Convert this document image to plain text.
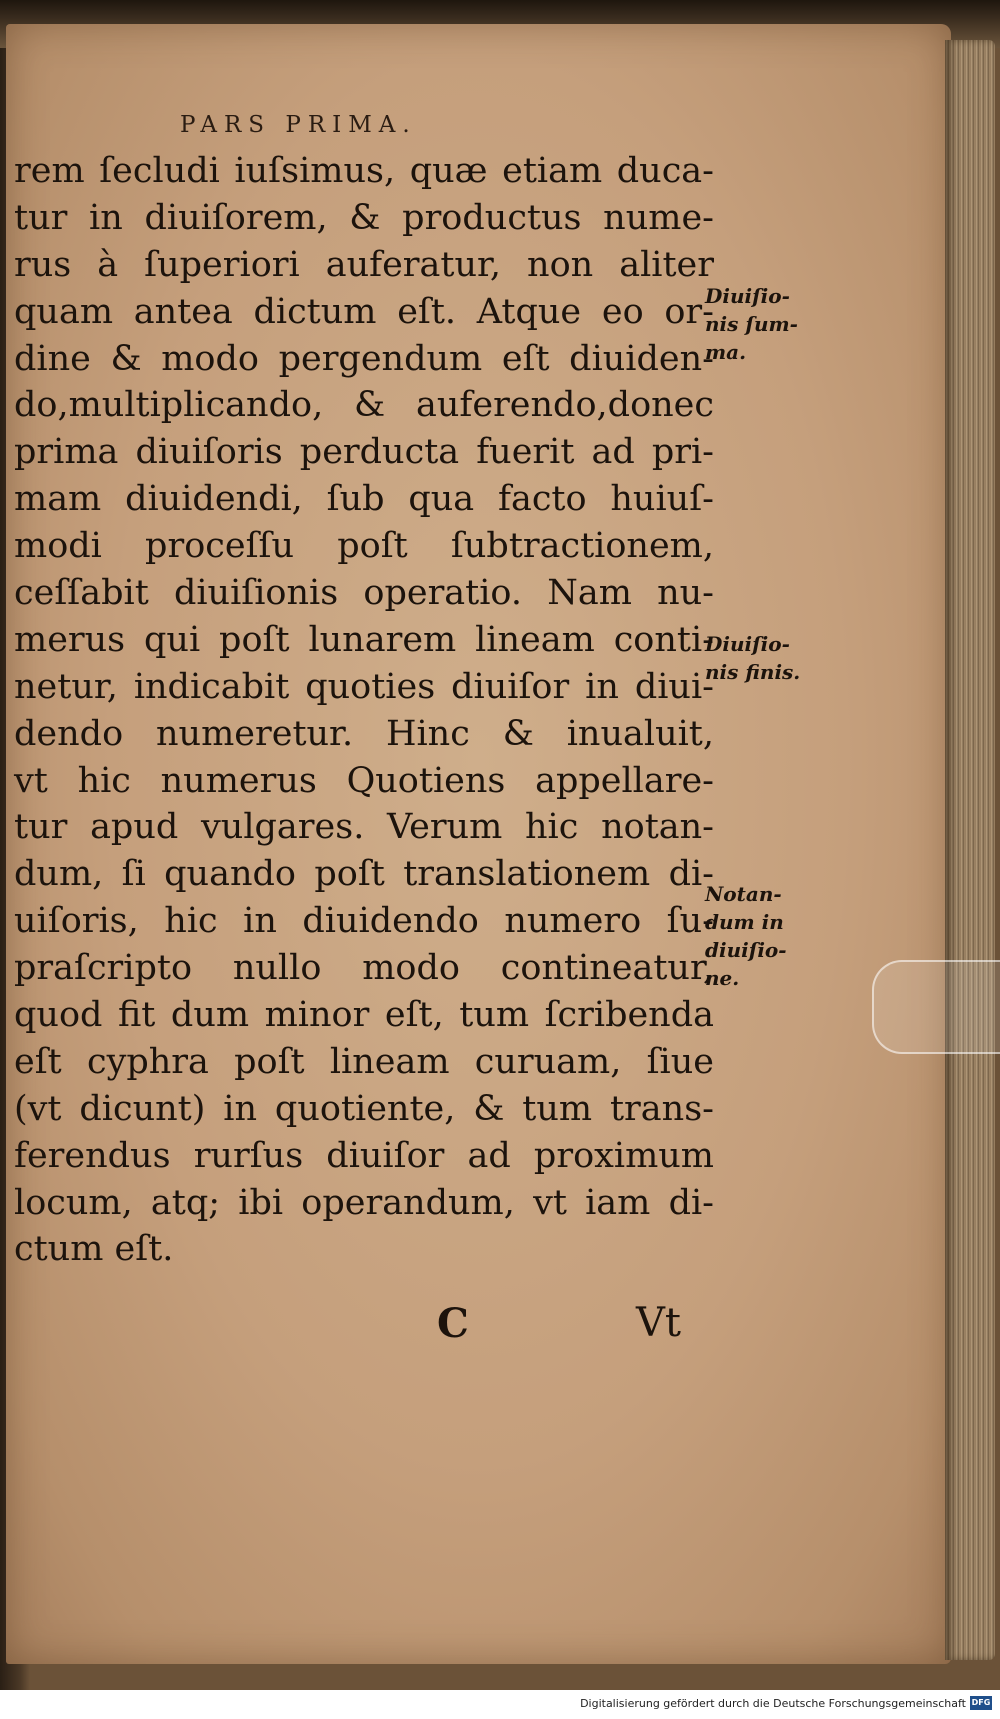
PARS PRIMA.
rem ſecludi iuſsimus, quæ etiam duca-
tur in diuiſorem, & productus nume-
rus à ſuperiori auferatur, non aliter
quam antea dictum eſt. Atque eo or-
dine & modo pergendum eſt diuiden-
do,multiplicando, & auferendo,donec
prima diuiſoris perducta fuerit ad pri-
mam diuidendi, ſub qua facto huiuſ-
modi proceſſu poſt ſubtractionem,
ceſſabit diuiſionis operatio. Nam nu-
merus qui poſt lunarem lineam conti-
netur, indicabit quoties diuiſor in diui-
dendo numeretur. Hinc & inualuit,
vt hic numerus Quotiens appellare-
tur apud vulgares. Verum hic notan-
dum, ſi quando poſt translationem di-
uiſoris, hic in diuidendo numero ſu-
praſcripto nullo modo contineatur,
quod fit dum minor eſt, tum ſcribenda
eſt cyphra poſt lineam curuam, ſiue
(vt dicunt) in quotiente, & tum trans-
ferendus rurſus diuiſor ad proximum
locum, atq; ibi operandum, vt iam di-
ctum eſt.
Diuiſio-
nis ſum-
ma.
Diuiſio-
nis finis.
Notan-
dum in
diuiſio-
ne.
C	Vt
Digitalisierung gefördert durch die Deutsche Forschungsgemeinschaft DFG
